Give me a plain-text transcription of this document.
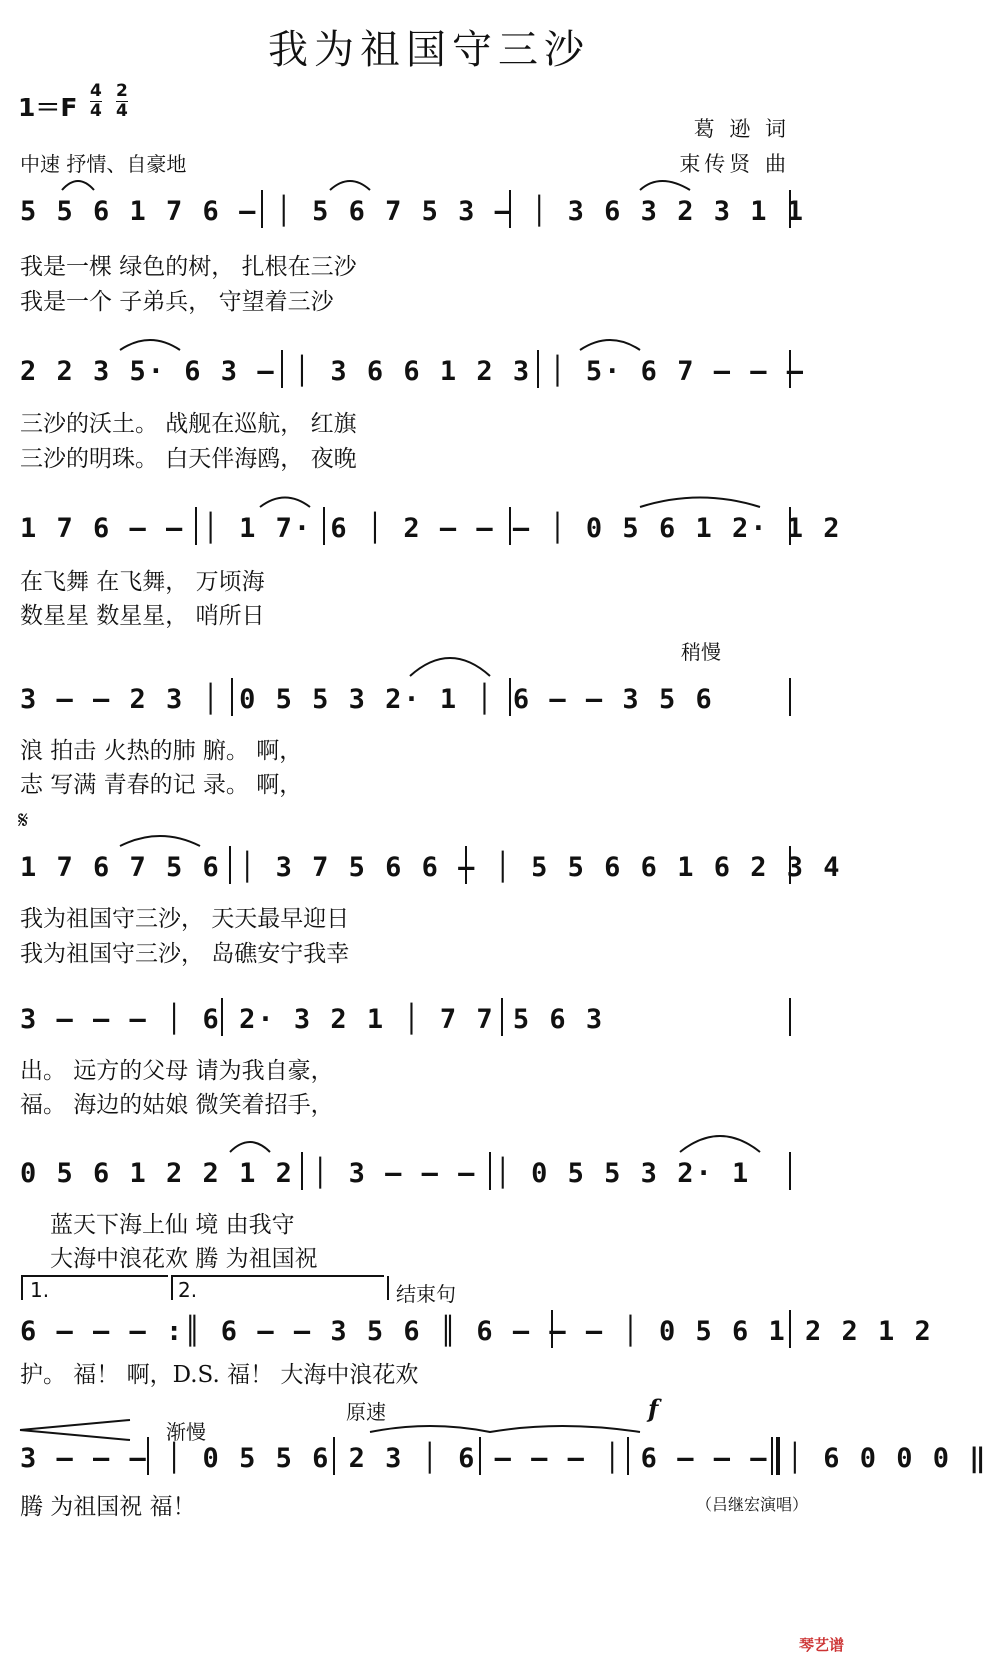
我为祖国守三沙
$1=F \frac{4}{4} \frac{2}{4}$
中速 抒情、自豪地
葛 逊 词
束传贤 曲
5 5 6 1 7 6 – │ 5 6 7 5 3 – │ 3 6 3 2 3 1 1
我是一棵 绿色的树， 扎根在三沙
我是一个 子弟兵， 守望着三沙
2 2 3 5· 6 3 – │ 3 6 6 1 2 3 │ 5· 6 7 – – –
三沙的沃土。 战舰在巡航， 红旗
三沙的明珠。 白天伴海鸥， 夜晚
1 7 6 – – │ 1 7· 6 │ 2 – – – │ 0 5 6 1 2· 1 2
在飞舞 在飞舞， 万顷海
数星星 数星星， 哨所日
稍慢
3 – – 2 3 │ 0 5 5 3 2· 1 │ 6 – – 3 5 6
浪 拍击 火热的肺 腑。 啊，
志 写满 青春的记 录。 啊，
𝄋
1 7 6 7 5 6 │ 3 7 5 6 6 – │ 5 5 6 6 1 6 2 3 4
我为祖国守三沙， 天天最早迎日
我为祖国守三沙， 岛礁安宁我幸
3 – – – │ 6 2· 3 2 1 │ 7 7 5 6 3
出。 远方的父母 请为我自豪，
福。 海边的姑娘 微笑着招手，
0 5 6 1 2 2 1 2 │ 3 – – – │ 0 5 5 3 2· 1
蓝天下海上仙 境 由我守
大海中浪花欢 腾 为祖国祝
1.	2.	结束句
6 – – – :║ 6 – – 3 5 6 ║ 6 – – – │ 0 5 6 1 2 2 1 2
护。 福！ 啊，D.S. 福！ 大海中浪花欢
渐慢
原速	f
3 – – – │ 0 5 5 6 2 3 │ 6 – – – │ 6 – – – │ 6 0 0 0 ‖
腾 为祖国祝 福！	（吕继宏演唱）
琴艺谱
